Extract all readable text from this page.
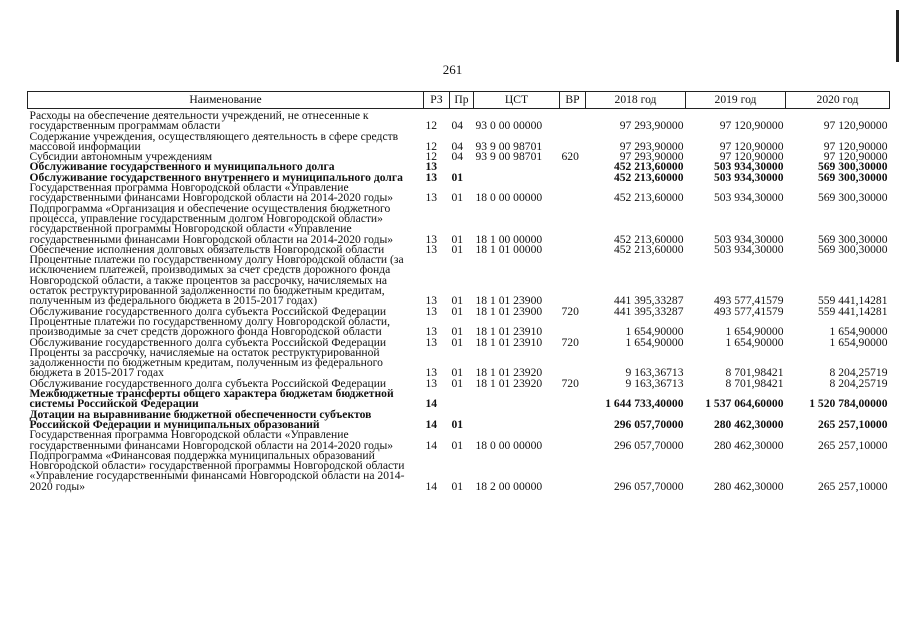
261
Наименование	РЗ	Пр	ЦСТ	ВР	2018 год	2019 год	2020 год
Расходы на обеспечение деятельности учреждений, не отнесенные к государственным программам области	12	04	93 0 00 00000		97 293,90000	97 120,90000	97 120,90000
Содержание учреждения, осуществляющего деятельность в сфере средств массовой информации	12	04	93 9 00 98701		97 293,90000	97 120,90000	97 120,90000
Субсидии автономным учреждениям	12	04	93 9 00 98701	620	97 293,90000	97 120,90000	97 120,90000
Обслуживание государственного и муниципального долга	13				452 213,60000	503 934,30000	569 300,30000
Обслуживание государственного внутреннего и муниципального долга	13	01			452 213,60000	503 934,30000	569 300,30000
Государственная программа Новгородской области «Управление государственными финансами Новгородской области на 2014-2020 годы»	13	01	18 0 00 00000		452 213,60000	503 934,30000	569 300,30000
Подпрограмма «Организация и обеспечение осуществления бюджетного процесса, управление государственным долгом Новгородской области» государственной программы Новгородской области «Управление государственными финансами Новгородской области на 2014-2020 годы»	13	01	18 1 00 00000		452 213,60000	503 934,30000	569 300,30000
Обеспечение исполнения долговых обязательств Новгородской области	13	01	18 1 01 00000		452 213,60000	503 934,30000	569 300,30000
Процентные платежи по государственному долгу Новгородской области (за исключением платежей, производимых за счет средств дорожного фонда Новгородской области, а также процентов за рассрочку, начисляемых на остаток реструктурированной задолженности по бюджетным кредитам, полученным из федерального бюджета в 2015-2017 годах)	13	01	18 1 01 23900		441 395,33287	493 577,41579	559 441,14281
Обслуживание государственного долга субъекта Российской Федерации	13	01	18 1 01 23900	720	441 395,33287	493 577,41579	559 441,14281
Процентные платежи по государственному долгу Новгородской области, производимые за счет средств дорожного фонда Новгородской области	13	01	18 1 01 23910		1 654,90000	1 654,90000	1 654,90000
Обслуживание государственного долга субъекта Российской Федерации	13	01	18 1 01 23910	720	1 654,90000	1 654,90000	1 654,90000
Проценты за рассрочку, начисляемые на остаток реструктурированной задолженности по бюджетным кредитам, полученным из федерального бюджета в 2015-2017 годах	13	01	18 1 01 23920		9 163,36713	8 701,98421	8 204,25719
Обслуживание государственного долга субъекта Российской Федерации	13	01	18 1 01 23920	720	9 163,36713	8 701,98421	8 204,25719
Межбюджетные трансферты общего характера бюджетам бюджетной системы Российской Федерации	14				1 644 733,40000	1 537 064,60000	1 520 784,00000
Дотации на выравнивание бюджетной обеспеченности субъектов Российской Федерации и муниципальных образований	14	01			296 057,70000	280 462,30000	265 257,10000
Государственная программа Новгородской области «Управление государственными финансами Новгородской области на 2014-2020 годы»	14	01	18 0 00 00000		296 057,70000	280 462,30000	265 257,10000
Подпрограмма «Финансовая поддержка муниципальных образований Новгородской области» государственной программы Новгородской области «Управление государственными финансами Новгородской области на 2014-2020 годы»	14	01	18 2 00 00000		296 057,70000	280 462,30000	265 257,10000
